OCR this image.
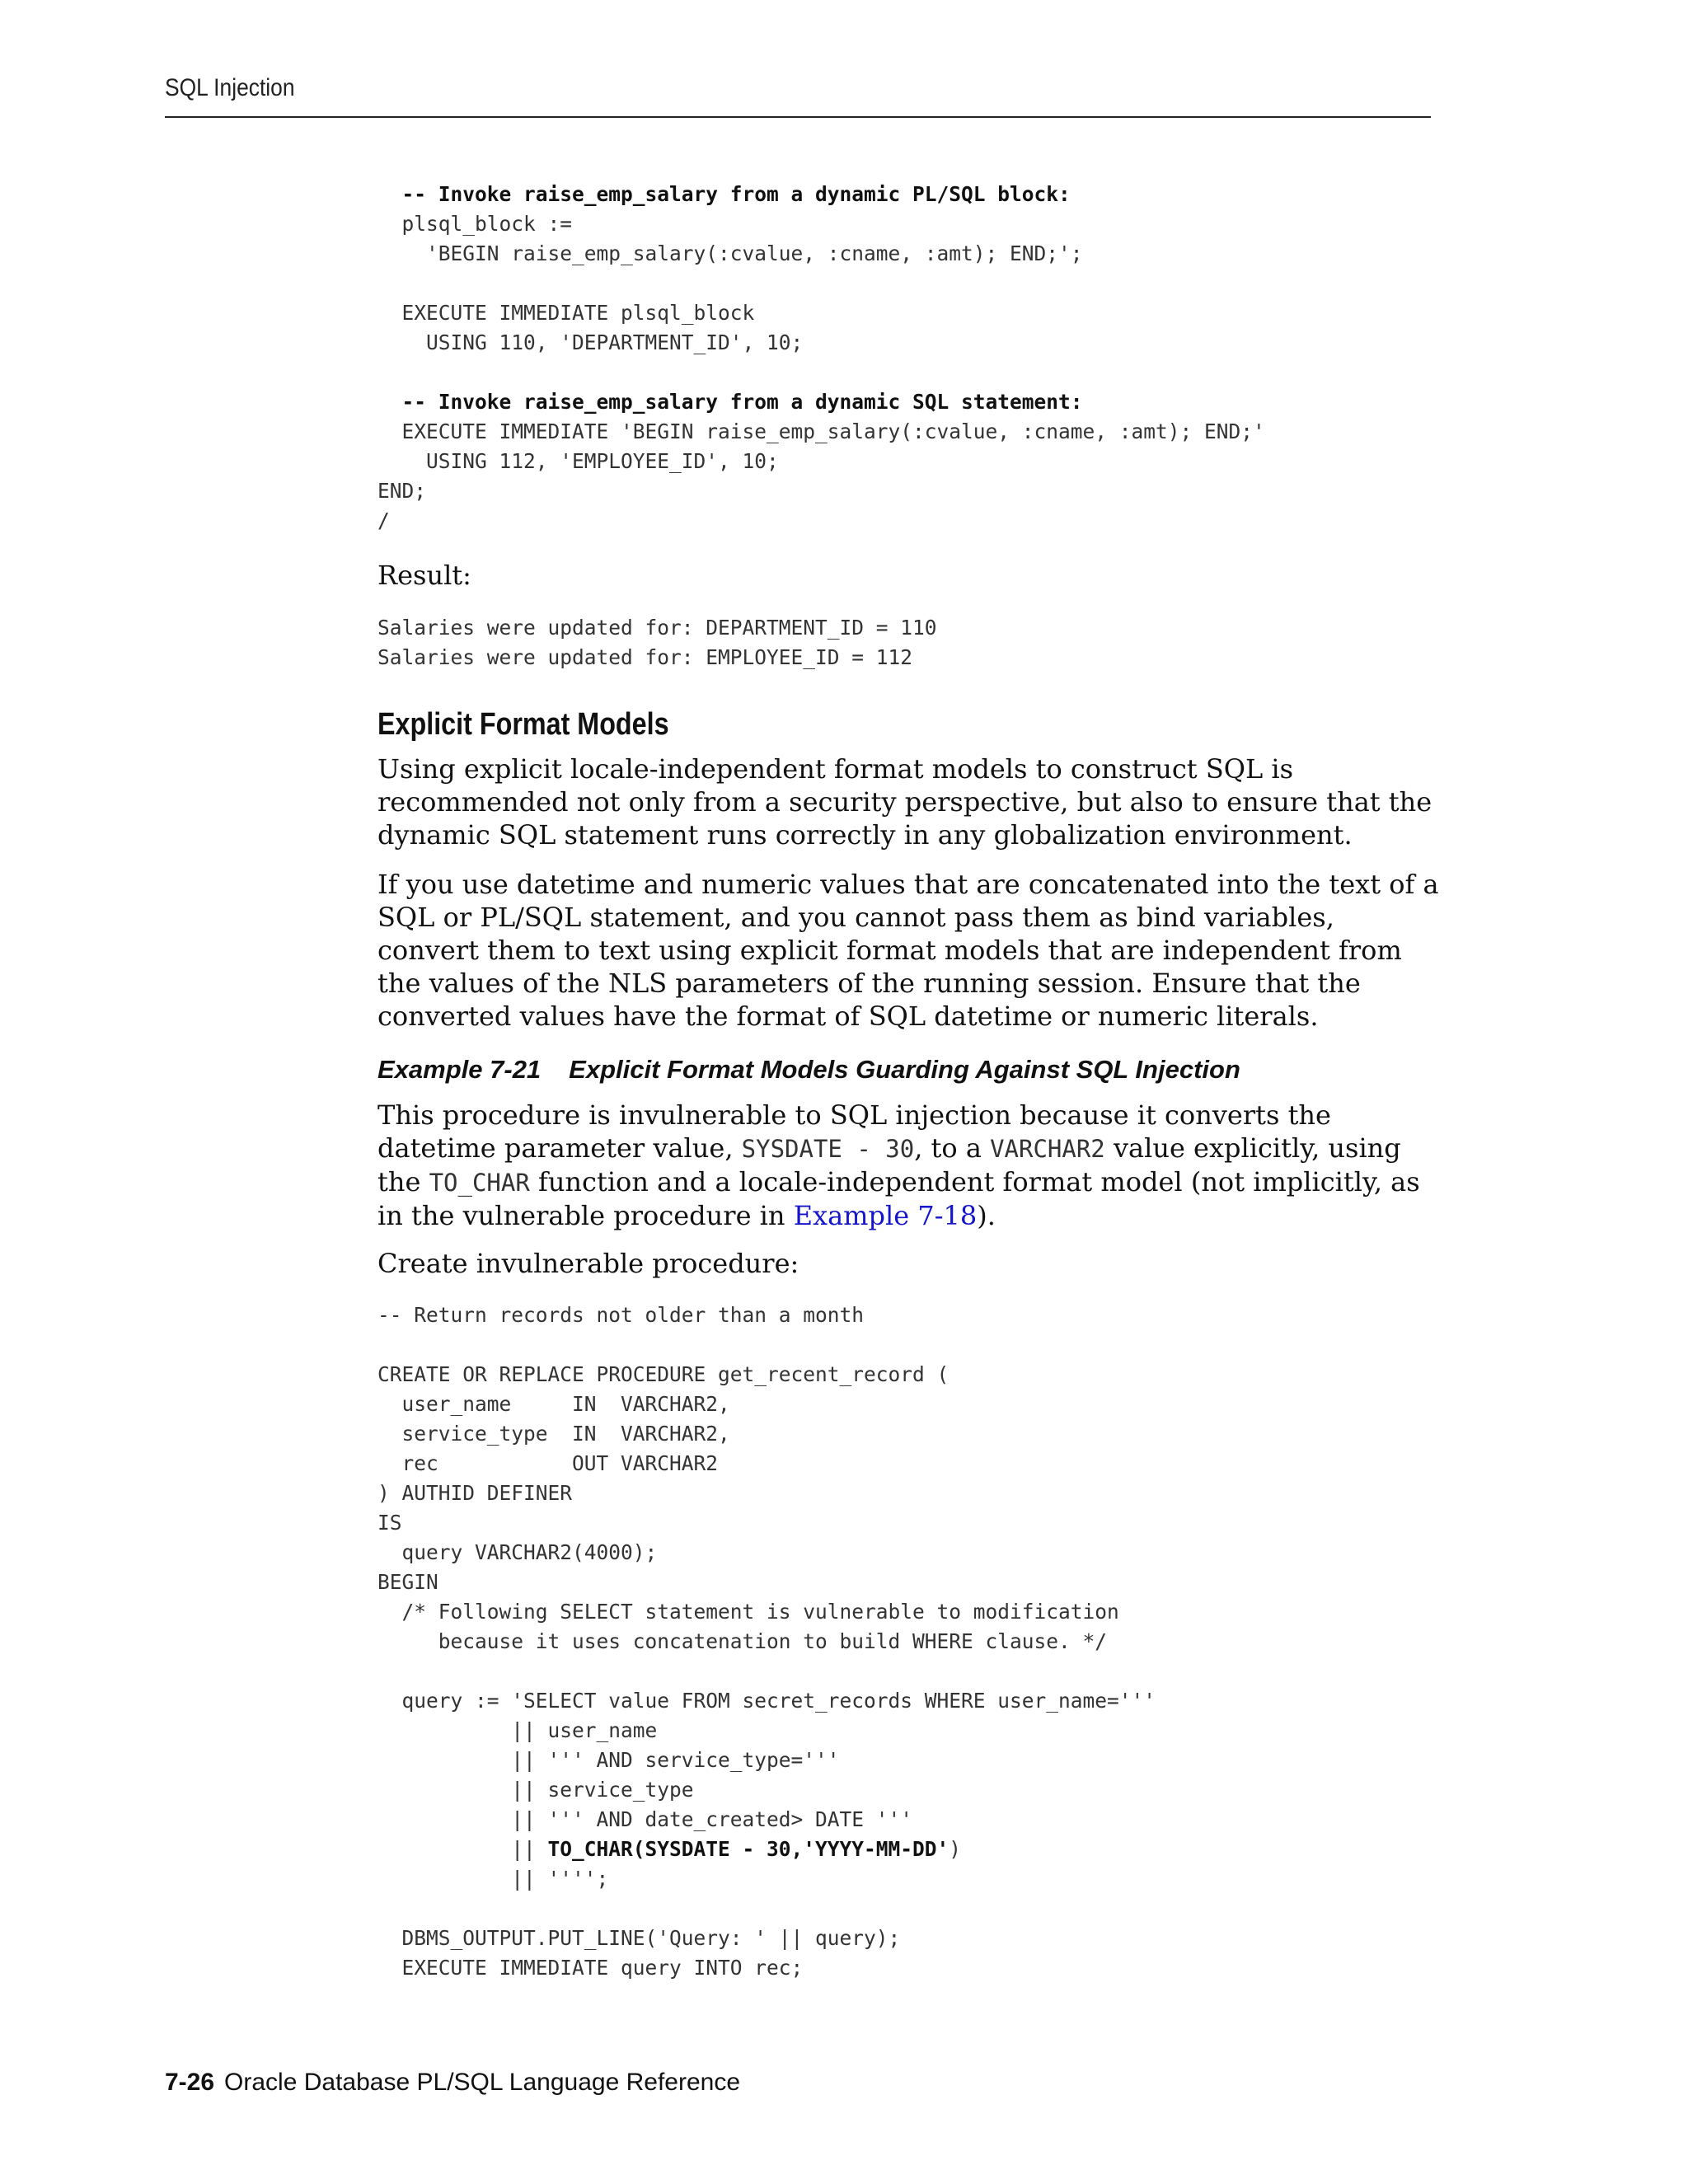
SQL Injection
-- Invoke raise_emp_salary from a dynamic PL/SQL block:
plsql_block :=
'BEGIN raise_emp_salary(:cvalue, :cname, :amt); END;';

EXECUTE IMMEDIATE plsql_block
USING 110, 'DEPARTMENT_ID', 10;

-- Invoke raise_emp_salary from a dynamic SQL statement:
EXECUTE IMMEDIATE 'BEGIN raise_emp_salary(:cvalue, :cname, :amt); END;'
USING 112, 'EMPLOYEE_ID', 10;
END;
/
Result:
Salaries were updated for: DEPARTMENT_ID = 110
Salaries were updated for: EMPLOYEE_ID = 112
Explicit Format Models
Using explicit locale-independent format models to construct SQL is recommended not only from a security perspective, but also to ensure that the dynamic SQL statement runs correctly in any globalization environment.
If you use datetime and numeric values that are concatenated into the text of a SQL or PL/SQL statement, and you cannot pass them as bind variables, convert them to text using explicit format models that are independent from the values of the NLS parameters of the running session. Ensure that the converted values have the format of SQL datetime or numeric literals.
Example 7-21 Explicit Format Models Guarding Against SQL Injection
This procedure is invulnerable to SQL injection because it converts the datetime parameter value, SYSDATE - 30, to a VARCHAR2 value explicitly, using the TO_CHAR function and a locale-independent format model (not implicitly, as in the vulnerable procedure in Example 7-18).
Create invulnerable procedure:
-- Return records not older than a month

CREATE OR REPLACE PROCEDURE get_recent_record (
user_name     IN  VARCHAR2,
service_type  IN  VARCHAR2,
rec           OUT VARCHAR2
) AUTHID DEFINER
IS
query VARCHAR2(4000);
BEGIN
/* Following SELECT statement is vulnerable to modification
because it uses concatenation to build WHERE clause. */

query := 'SELECT value FROM secret_records WHERE user_name='''
|| user_name
|| ''' AND service_type='''
|| service_type
|| ''' AND date_created> DATE '''
|| TO_CHAR(SYSDATE - 30,'YYYY-MM-DD')
|| '''';

DBMS_OUTPUT.PUT_LINE('Query: ' || query);
EXECUTE IMMEDIATE query INTO rec;
7-26 Oracle Database PL/SQL Language Reference
